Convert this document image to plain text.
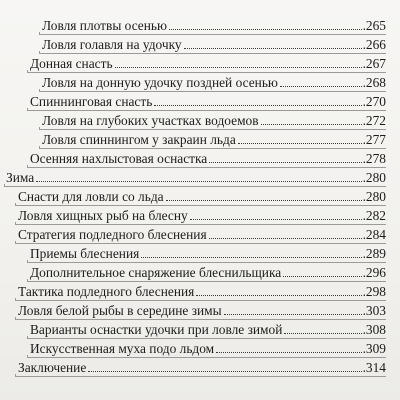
Ловля плотвы осенью	.265
Ловля голавля на удочку	.266
Донная снасть	.267
Ловля на донную удочку поздней осенью	.268
Спиннинговая снасть	.270
Ловля на глубоких участках водоемов	.272
Ловля спиннингом у закраин льда	.277
Осенняя нахлыстовая оснастка	.278
Зима	.280
Снасти для ловли со льда	.280
Ловля хищных рыб на блесну	.282
Стратегия подледного блеснения	.284
Приемы блеснения	.289
Дополнительное снаряжение блеснильщика	.296
Тактика подледного блеснения	.298
Ловля белой рыбы в середине зимы	.303
Варианты оснастки удочки при ловле зимой	.308
Искусственная муха подо льдом	.309
Заключение	.314
